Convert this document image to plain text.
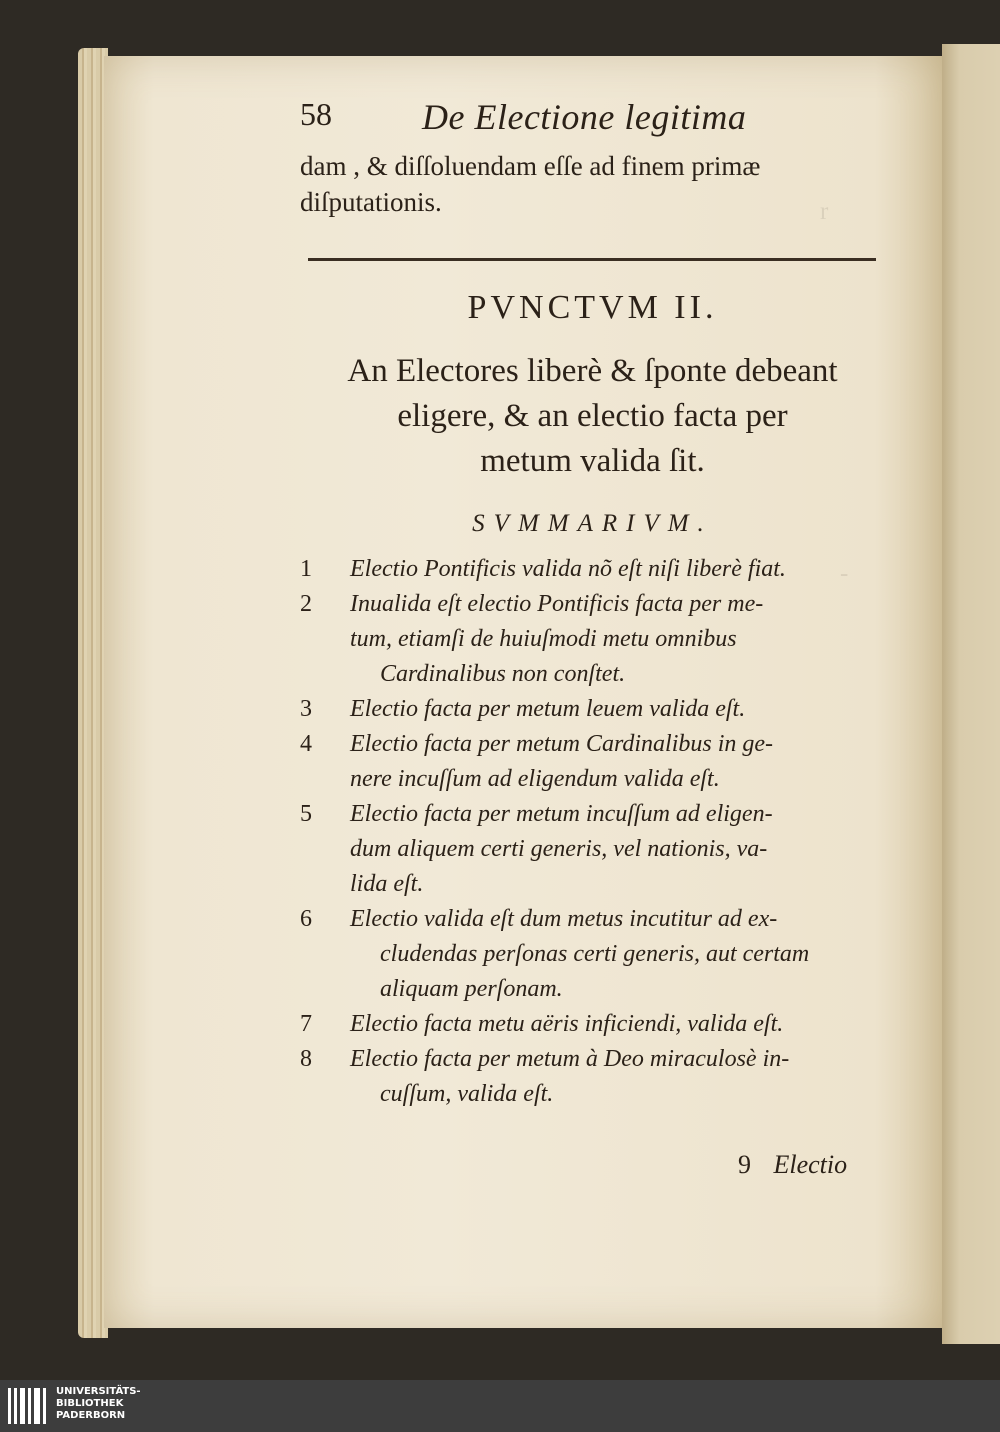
r
-
58	De Electione legitima
dam , & diſſoluendam eſſe ad finem primæ
diſputationis.
PVNCTVM II.
An Electores liberè & ſponte debeant
eligere, & an electio facta per
metum valida ſit.
SVMMARIVM.
1	Electio Pontificis valida nõ eſt niſi liberè fiat.
2	Inualida eſt electio Pontificis facta per me-
tum, etiamſi de huiuſmodi metu omnibus
Cardinalibus non conſtet.
3	Electio facta per metum leuem valida eſt.
4	Electio facta per metum Cardinalibus in ge-
nere incuſſum ad eligendum valida eſt.
5	Electio facta per metum incuſſum ad eligen-
dum aliquem certi generis, vel nationis, va-
lida eſt.
6	Electio valida eſt dum metus incutitur ad ex-
cludendas perſonas certi generis, aut certam
aliquam perſonam.
7	Electio facta metu aëris inficiendi, valida eſt.
8	Electio facta per metum à Deo miraculosè in-
cuſſum, valida eſt.
9 Electio
UNIVERSITÄTS-
BIBLIOTHEK
PADERBORN
